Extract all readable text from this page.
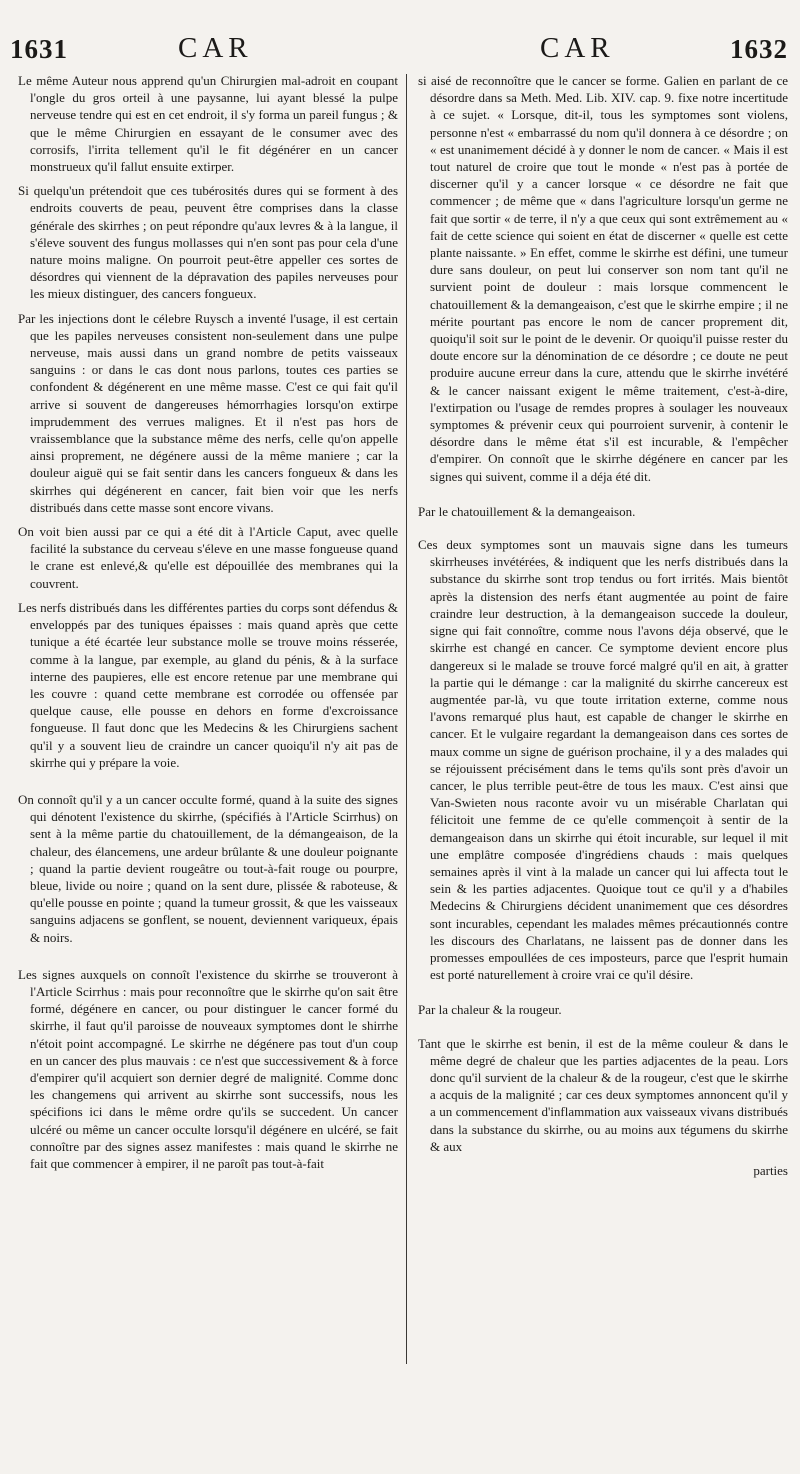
1631	CAR	CAR	1632

Le même Auteur nous apprend qu'un Chirurgien mal-adroit en coupant l'ongle du gros orteil à une paysanne, lui ayant blessé la pulpe nerveuse tendre qui est en cet endroit, il s'y forma un pareil fungus ; & que le même Chirurgien en essayant de le consumer avec des corrosifs, l'irrita tellement qu'il le fit dégénérer en un cancer monstrueux qu'il fallut ensuite extirper.

Si quelqu'un prétendoit que ces tubérosités dures qui se forment à des endroits couverts de peau, peuvent être comprises dans la classe générale des skirrhes ; on peut répondre qu'aux levres & à la langue, il s'éleve souvent des fungus mollasses qui n'en sont pas pour cela d'une nature moins maligne. On pourroit peut-être appeller ces sortes de désordres qui viennent de la dépravation des papiles nerveuses pour les mieux distinguer, des cancers fongueux.

Par les injections dont le célebre Ruysch a inventé l'usage, il est certain que les papiles nerveuses consistent non-seulement dans une pulpe nerveuse, mais aussi dans un grand nombre de petits vaisseaux sanguins : or dans le cas dont nous parlons, toutes ces parties se confondent & dégénerent en une même masse. C'est ce qui fait qu'il arrive si souvent de dangereuses hémorrhagies lorsqu'on extirpe imprudemment des verrues malignes. Et il n'est pas hors de vraissemblance que la substance même des nerfs, celle qu'on appelle ainsi proprement, ne dégénere aussi de la même maniere ; car la douleur aiguë qui se fait sentir dans les cancers fongueux & dans les skirrhes qui dégénerent en cancer, fait bien voir que les nerfs distribués dans cette masse sont encore vivans.

On voit bien aussi par ce qui a été dit à l'Article Caput, avec quelle facilité la substance du cerveau s'éleve en une masse fongueuse quand le crane est enlevé,& qu'elle est dépouillée des membranes qui la couvrent.

Les nerfs distribués dans les différentes parties du corps sont défendus & enveloppés par des tuniques épaisses : mais quand après que cette tunique a été écartée leur substance molle se trouve moins résserée, comme à la langue, par exemple, au gland du pénis, & à la surface interne des paupieres, elle est encore retenue par une membrane qui les couvre : quand cette membrane est corrodée ou offensée par quelque cause, elle pousse en dehors en forme d'excroissance fongueuse. Il faut donc que les Medecins & les Chirurgiens sachent qu'il y a souvent lieu de craindre un cancer quoiqu'il n'y ait pas de skirrhe qui y prépare la voie.

On connoît qu'il y a un cancer occulte formé, quand à la suite des signes qui dénotent l'existence du skirrhe, (spécifiés à l'Article Scirrhus) on sent à la même partie du chatouillement, de la démangeaison, de la chaleur, des élancemens, une ardeur brûlante & une douleur poignante ; quand la partie devient rougeâtre ou tout-à-fait rouge ou pourpre, bleue, livide ou noire ; quand on la sent dure, plissée & raboteuse, & qu'elle pousse en pointe ; quand la tumeur grossit, & que les vaisseaux sanguins adjacens se gonflent, se nouent, deviennent variqueux, épais & noirs.

Les signes auxquels on connoît l'existence du skirrhe se trouveront à l'Article Scirrhus : mais pour reconnoître que le skirrhe qu'on sait être formé, dégénere en cancer, ou pour distinguer le cancer formé du skirrhe, il faut qu'il paroisse de nouveaux symptomes dont le shirrhe n'étoit point accompagné. Le skirrhe ne dégénere pas tout d'un coup en un cancer des plus mauvais : ce n'est que successivement & à force d'empirer qu'il acquiert son dernier degré de malignité. Comme donc les changemens qui arrivent au skirrhe sont successifs, nous les spécifions ici dans le même ordre qu'ils se succedent. Un cancer ulcéré ou même un cancer occulte lorsqu'il dégénere en ulcéré, se fait connoître par des signes assez manifestes : mais quand le skirrhe ne fait que commencer à empirer, il ne paroît pas tout-à-fait

si aisé de reconnoître que le cancer se forme. Galien en parlant de ce désordre dans sa Meth. Med. Lib. XIV. cap. 9. fixe notre incertitude à ce sujet. « Lorsque, dit-il, tous les symptomes sont violens, personne n'est « embarrassé du nom qu'il donnera à ce désordre ; on « est unanimement décidé à y donner le nom de cancer. « Mais il est tout naturel de croire que tout le monde « n'est pas à portée de discerner qu'il y a cancer lorsque « ce désordre ne fait que commencer ; de même que « dans l'agriculture lorsqu'un germe ne fait que sortir « de terre, il n'y a que ceux qui sont extrêmement au « fait de cette science qui soient en état de discerner « quelle est cette plante naissante. » En effet, comme le skirrhe est défini, une tumeur dure sans douleur, on peut lui conserver son nom tant qu'il ne survient point de douleur : mais lorsque commencent le chatouillement & la demangeaison, c'est que le skirrhe empire ; il ne mérite pourtant pas encore le nom de cancer proprement dit, quoiqu'il soit sur le point de le devenir. Or quoiqu'il puisse rester du doute encore sur la dénomination de ce désordre ; ce doute ne peut produire aucune erreur dans la cure, attendu que le skirrhe invétéré & le cancer naissant exigent le même traitement, c'est-à-dire, l'extirpation ou l'usage de remdes propres à soulager les nouveaux symptomes & prévenir ceux qui pourroient survenir, à contenir le désordre dans le même état s'il est incurable, & l'empêcher d'empirer. On connoît que le skirrhe dégénere en cancer par les signes qui suivent, comme il a déja été dit.

Par le chatouillement & la demangeaison.

Ces deux symptomes sont un mauvais signe dans les tumeurs skirrheuses invétérées, & indiquent que les nerfs distribués dans la substance du skirrhe sont trop tendus ou fort irrités. Mais bientôt après la distension des nerfs étant augmentée au point de faire craindre leur destruction, à la demangeaison succede la douleur, signe qui fait connoître, comme nous l'avons déja observé, que le skirrhe est changé en cancer. Ce symptome devient encore plus dangereux si le malade se trouve forcé malgré qu'il en ait, à gratter la partie qui le démange : car la malignité du skirrhe cancereux est augmentée par-là, vu que toute irritation externe, comme nous l'avons remarqué plus haut, est capable de changer le skirrhe en cancer. Et le vulgaire regardant la demangeaison dans ces sortes de maux comme un signe de guérison prochaine, il y a des malades qui se réjouissent précisément dans le tems qu'ils sont près d'avoir un cancer, le plus terrible peut-être de tous les maux. C'est ainsi que Van-Swieten nous raconte avoir vu un misérable Charlatan qui félicitoit une femme de ce qu'elle commençoit à sentir de la demangeaison dans un skirrhe qui étoit incurable, sur lequel il mit une emplâtre composée d'ingrédiens chauds : mais quelques semaines après il vint à la malade un cancer qui lui affecta tout le sein & les parties adjacentes. Quoique tout ce qu'il y a d'habiles Medecins & Chirurgiens décident unanimement que ces désordres sont incurables, cependant les malades mêmes précautionnés contre les discours des Charlatans, ne laissent pas de donner dans les promesses empoullées de ces imposteurs, parce que l'esprit humain est porté naturellement à croire vrai ce qu'il désire.

Par la chaleur & la rougeur.

Tant que le skirrhe est benin, il est de la même couleur & dans le même degré de chaleur que les parties adjacentes de la peau. Lors donc qu'il survient de la chaleur & de la rougeur, c'est que le skirrhe a acquis de la malignité ; car ces deux symptomes annoncent qu'il y a un commencement d'inflammation aux vaisseaux vivans distribués dans la substance du skirrhe, ou au moins aux tégumens du skirrhe & aux

parties
